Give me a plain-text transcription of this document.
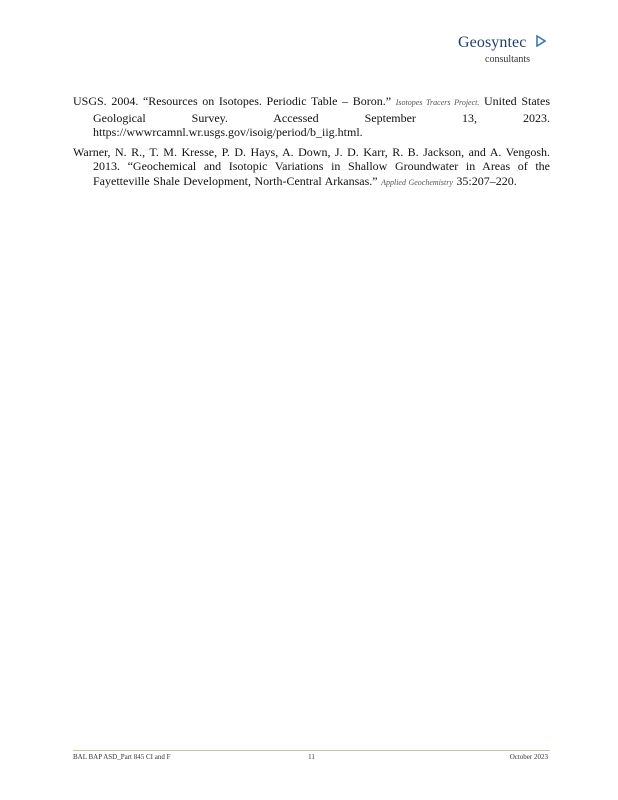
Geosyntec
consultants

USGS. 2004. “Resources on Isotopes. Periodic Table – Boron.” Isotopes Tracers Project. United States Geological Survey. Accessed September 13, 2023. https://wwwrcamnl.wr.usgs.gov/isoig/period/b_iig.html.

Warner, N. R., T. M. Kresse, P. D. Hays, A. Down, J. D. Karr, R. B. Jackson, and A. Vengosh. 2013. “Geochemical and Isotopic Variations in Shallow Groundwater in Areas of the Fayetteville Shale Development, North-Central Arkansas.” Applied Geochemistry 35:207–220.

BAL BAP ASD_Part 845 CI and F	11	October 2023
